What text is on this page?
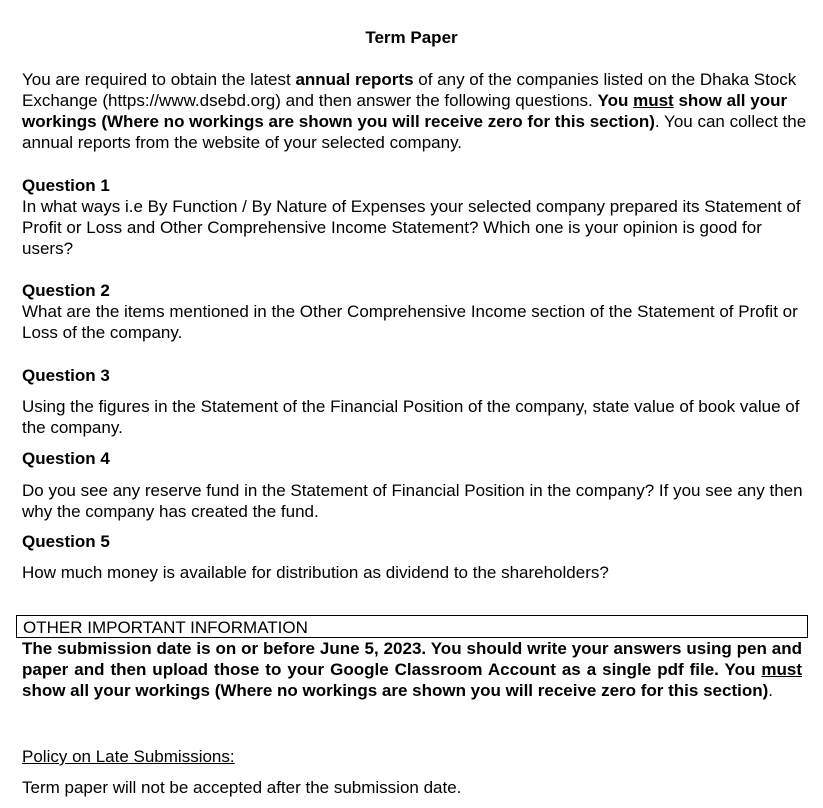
Term Paper
You are required to obtain the latest annual reports of any of the companies listed on the Dhaka Stock Exchange (https://www.dsebd.org) and then answer the following questions. You must show all your workings (Where no workings are shown you will receive zero for this section). You can collect the annual reports from the website of your selected company.
Question 1
In what ways i.e By Function / By Nature of Expenses your selected company prepared its Statement of Profit or Loss and Other Comprehensive Income Statement? Which one is your opinion is good for users?
Question 2
What are the items mentioned in the Other Comprehensive Income section of the Statement of Profit or Loss of the company.
Question 3
Using the figures in the Statement of the Financial Position of the company, state value of book value of the company.
Question 4
Do you see any reserve fund in the Statement of Financial Position in the company? If you see any then why the company has created the fund.
Question 5
How much money is available for distribution as dividend to the shareholders?
OTHER IMPORTANT INFORMATION
The submission date is on or before June 5, 2023. You should write your answers using pen and paper and then upload those to your Google Classroom Account as a single pdf file. You must show all your workings (Where no workings are shown you will receive zero for this section).
Policy on Late Submissions:
Term paper will not be accepted after the submission date.
